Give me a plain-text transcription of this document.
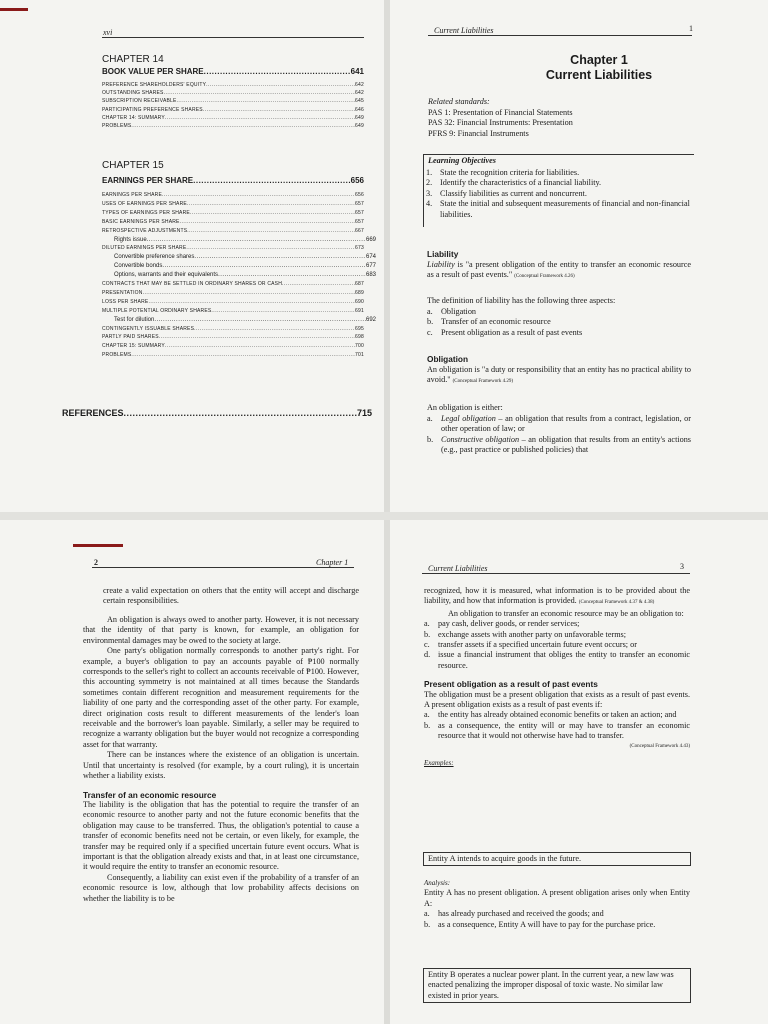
xvi
CHAPTER 14
BOOK VALUE PER SHARE .....	641
PREFERENCE SHAREHOLDERS' EQUITY .....	642
OUTSTANDING SHARES .....	642
SUBSCRIPTION RECEIVABLE .....	645
PARTICIPATING PREFERENCE SHARES .....	646
CHAPTER 14: SUMMARY .....	649
PROBLEMS .....	649
CHAPTER 15
EARNINGS PER SHARE .....	656
EARNINGS PER SHARE .....	656
USES OF EARNINGS PER SHARE .....	657
TYPES OF EARNINGS PER SHARE .....	657
BASIC EARNINGS PER SHARE .....	657
RETROSPECTIVE ADJUSTMENTS .....	667
Rights issue .....	669
DILUTED EARNINGS PER SHARE .....	673
Convertible preference shares .....	674
Convertible bonds .....	677
Options, warrants and their equivalents .....	683
CONTRACTS THAT MAY BE SETTLED IN ORDINARY SHARES OR CASH .....	687
PRESENTATION .....	689
LOSS PER SHARE .....	690
MULTIPLE POTENTIAL ORDINARY SHARES .....	691
Test for dilution .....	692
CONTINGENTLY ISSUABLE SHARES .....	695
PARTLY PAID SHARES .....	698
CHAPTER 15: SUMMARY .....	700
PROBLEMS .....	701
REFERENCES .....	715
Current Liabilities	1
Chapter 1
Current Liabilities
Related standards:

PAS 1: Presentation of Financial Statements

PAS 32: Financial Instruments: Presentation

PFRS 9: Financial Instruments

Learning Objectives
1. State the recognition criteria for liabilities.
2. Identify the characteristics of a financial liability.
3. Classify liabilities as current and noncurrent.
4. State the initial and subsequent measurements of financial and non-financial liabilities.
Liability

Liability is "a present obligation of the entity to transfer an economic resource as a result of past events." (Conceptual Framework 4.26)

The definition of liability has the following three aspects:
a.	Obligation
b. Transfer of an economic resource
c.	Present obligation as a result of past events
Obligation

An obligation is "a duty or responsibility that an entity has no practical ability to avoid." (Conceptual Framework 4.29)

An obligation is either:
a.	Legal obligation – an obligation that results from a contract, legislation, or other operation of law; or
b. Constructive obligation – an obligation that results from an entity's actions (e.g., past practice or published policies) that
2	Chapter 1

create a valid expectation on others that the entity will accept and discharge certain responsibilities.

An obligation is always owed to another party. However, it is not necessary that the identity of that party is known, for example, an obligation for environmental damages may be owed to the society at large.

One party's obligation normally corresponds to another party's right. For example, a buyer's obligation to pay an accounts payable of ₱100 normally corresponds to the seller's right to collect an accounts receivable of ₱100. However, this accounting symmetry is not maintained at all times because the Standards sometimes contain different recognition and measurement requirements for the liability of one party and the corresponding asset of the other party. For example, direct origination costs result to different measurements of the lender's loan receivable and the borrower's loan payable. Similarly, a seller may be required to recognize a warranty obligation but the buyer would not recognize a corresponding asset for that warranty.

There can be instances where the existence of an obligation is uncertain. Until that uncertainty is resolved (for example, by a court ruling), it is uncertain whether a liability exists.

Transfer of an economic resource

The liability is the obligation that has the potential to require the transfer of an economic resource to another party and not the future economic benefits that the obligation may cause to be transferred. Thus, the obligation's potential to cause a transfer of economic benefits need not be certain, or even likely, for example, the transfer may be required only if a specified uncertain future event occurs. What is important is that the obligation already exists and that, in at least one circumstance, it would require the entity to transfer an economic resource.

Consequently, a liability can exist even if the probability of a transfer of an economic resource is low, although that low probability affects decisions on whether the liability is to be

Current Liabilities	3

recognized, how it is measured, what information is to be provided about the liability, and how that information is provided. (Conceptual Framework 4.37 & 4.38)

An obligation to transfer an economic resource may be an obligation to:

a.	pay cash, deliver goods, or render services;
b. exchange assets with another party on unfavorable terms;
c.	transfer assets if a specified uncertain future event occurs; or
d. issue a financial instrument that obliges the entity to transfer an economic resource.

Present obligation as a result of past events

The obligation must be a present obligation that exists as a result of past events. A present obligation exists as a result of past events if:

a.	the entity has already obtained economic benefits or taken an action; and
b. as a consequence, the entity will or may have to transfer an economic resource that it would not otherwise have had to transfer.

(Conceptual Framework 4.43)

Examples:

Entity A intends to acquire goods in the future.

Analysis:

Entity A has no present obligation. A present obligation arises only when Entity A:

a.	has already purchased and received the goods; and
b. as a consequence, Entity A will have to pay for the purchase price.
Entity B operates a nuclear power plant. In the current year, a new law was enacted penalizing the improper disposal of toxic waste. No similar law existed in prior years.
